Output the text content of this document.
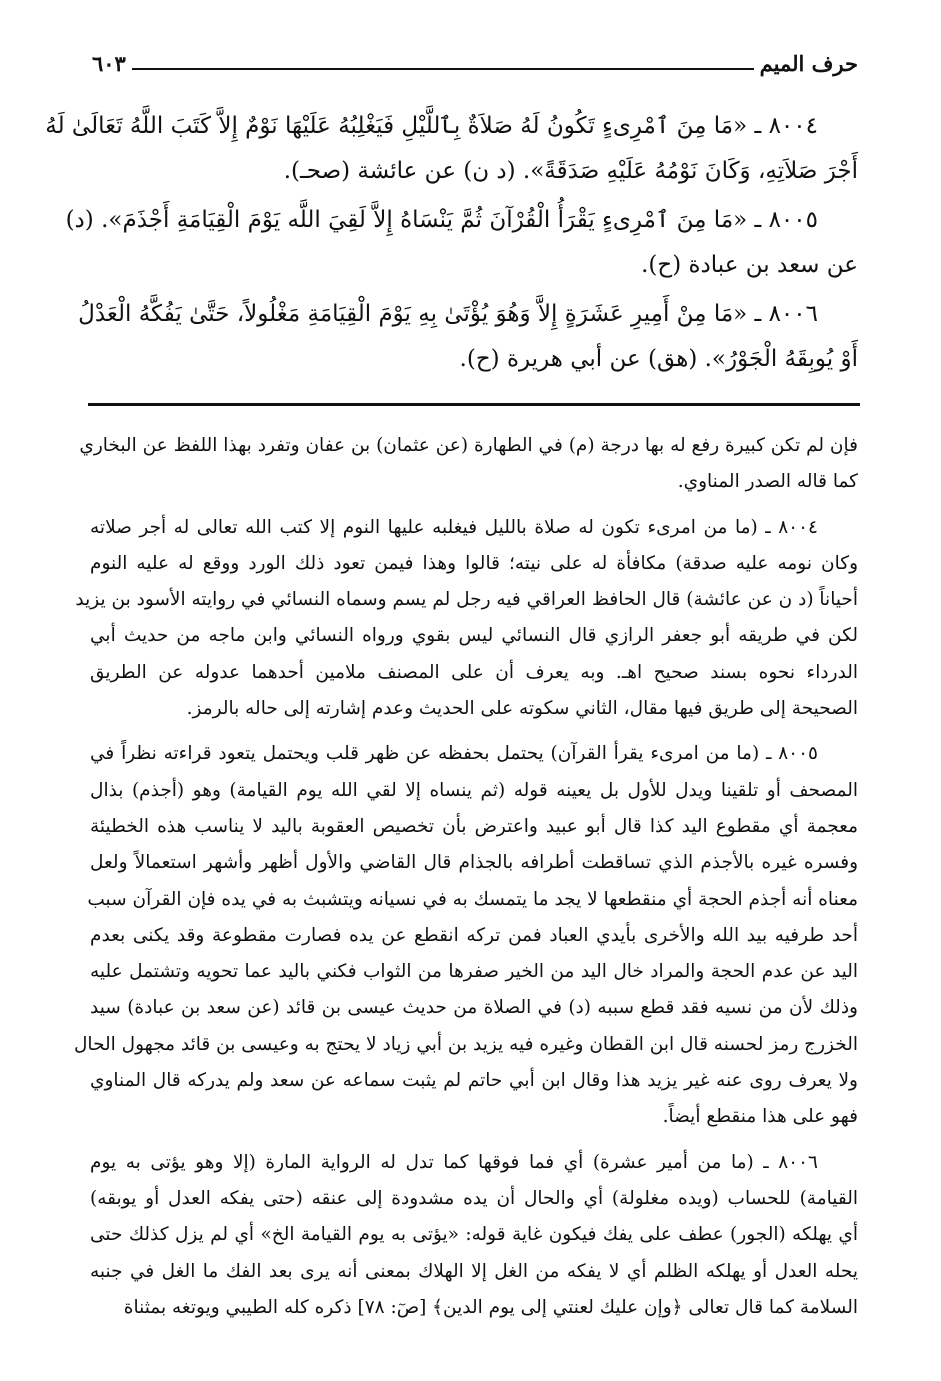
حرف الميم
٦٠٣
٨٠٠٤ ـ «مَا مِنَ ٱمْرِىءٍ تَكُونُ لَهُ صَلاَةٌ بِٱللَّيْلِ فَيَغْلِبُهُ عَلَيْهَا نَوْمٌ إِلاَّ كَتَبَ اللَّهُ تَعَالَىٰ لَهُ
أَجْرَ صَلاَتِهِ، وَكَانَ نَوْمُهُ عَلَيْهِ صَدَقَةً». (د ن) عن عائشة (صحـ).
٨٠٠٥ ـ «مَا مِنَ ٱمْرِىءٍ يَقْرَأُ الْقُرْآنَ ثُمَّ يَنْسَاهُ إِلاَّ لَقِيَ اللَّه يَوْمَ الْقِيَامَةِ أَجْذَمَ». (د)
عن سعد بن عبادة (ح).
٨٠٠٦ ـ «مَا مِنْ أَمِيرِ عَشَرَةٍ إِلاَّ وَهُوَ يُؤْتَىٰ بِهِ يَوْمَ الْقِيَامَةِ مَغْلُولاً، حَتَّىٰ يَفُكَّهُ الْعَدْلُ
أَوْ يُوبِقَهُ الْجَوْرُ». (هق) عن أبي هريرة (ح).
فإن لم تكن كبيرة رفع له بها درجة (م) في الطهارة (عن عثمان) بن عفان وتفرد بهذا اللفظ عن البخاري
كما قاله الصدر المناوي.
٨٠٠٤ ـ (ما من امرىء تكون له صلاة بالليل فيغلبه عليها النوم إلا كتب الله تعالى له أجر صلاته
وكان نومه عليه صدقة) مكافأة له على نيته؛ قالوا وهذا فيمن تعود ذلك الورد ووقع له عليه النوم
أحياناً (د ن عن عائشة) قال الحافظ العراقي فيه رجل لم يسم وسماه النسائي في روايته الأسود بن يزيد
لكن في طريقه أبو جعفر الرازي قال النسائي ليس بقوي ورواه النسائي وابن ماجه من حديث أبي
الدرداء نحوه بسند صحيح اهـ. وبه يعرف أن على المصنف ملامين أحدهما عدوله عن الطريق
الصحيحة إلى طريق فيها مقال، الثاني سكوته على الحديث وعدم إشارته إلى حاله بالرمز.
٨٠٠٥ ـ (ما من امرىء يقرأ القرآن) يحتمل بحفظه عن ظهر قلب ويحتمل يتعود قراءته نظراً في
المصحف أو تلقينا ويدل للأول بل يعينه قوله (ثم ينساه إلا لقي الله يوم القيامة) وهو (أجذم) بذال
معجمة أي مقطوع اليد كذا قال أبو عبيد واعترض بأن تخصيص العقوبة باليد لا يناسب هذه الخطيئة
وفسره غيره بالأجذم الذي تساقطت أطرافه بالجذام قال القاضي والأول أظهر وأشهر استعمالاً ولعل
معناه أنه أجذم الحجة أي منقطعها لا يجد ما يتمسك به في نسيانه ويتشبث به في يده فإن القرآن سبب
أحد طرفيه بيد الله والأخرى بأيدي العباد فمن تركه انقطع عن يده فصارت مقطوعة وقد يكنى بعدم
اليد عن عدم الحجة والمراد خال اليد من الخير صفرها من الثواب فكني باليد عما تحويه وتشتمل عليه
وذلك لأن من نسيه فقد قطع سببه (د) في الصلاة من حديث عيسى بن قائد (عن سعد بن عبادة) سيد
الخزرج رمز لحسنه قال ابن القطان وغيره فيه يزيد بن أبي زياد لا يحتج به وعيسى بن قائد مجهول الحال
ولا يعرف روى عنه غير يزيد هذا وقال ابن أبي حاتم لم يثبت سماعه عن سعد ولم يدركه قال المناوي
فهو على هذا منقطع أيضاً.
٨٠٠٦ ـ (ما من أمير عشرة) أي فما فوقها كما تدل له الرواية المارة (إلا وهو يؤتى به يوم
القيامة) للحساب (ويده مغلولة) أي والحال أن يده مشدودة إلى عنقه (حتى يفكه العدل أو يوبقه)
أي يهلكه (الجور) عطف على يفك فيكون غاية قوله: «يؤتى به يوم القيامة الخ» أي لم يزل كذلك حتى
يحله العدل أو يهلكه الظلم أي لا يفكه من الغل إلا الهلاك بمعنى أنه يرى بعد الفك ما الغل في جنبه
السلامة كما قال تعالى ﴿وإن عليك لعنتي إلى يوم الدين﴾ [صٓ: ٧٨] ذكره كله الطيبي ويوتغه بمثناة
